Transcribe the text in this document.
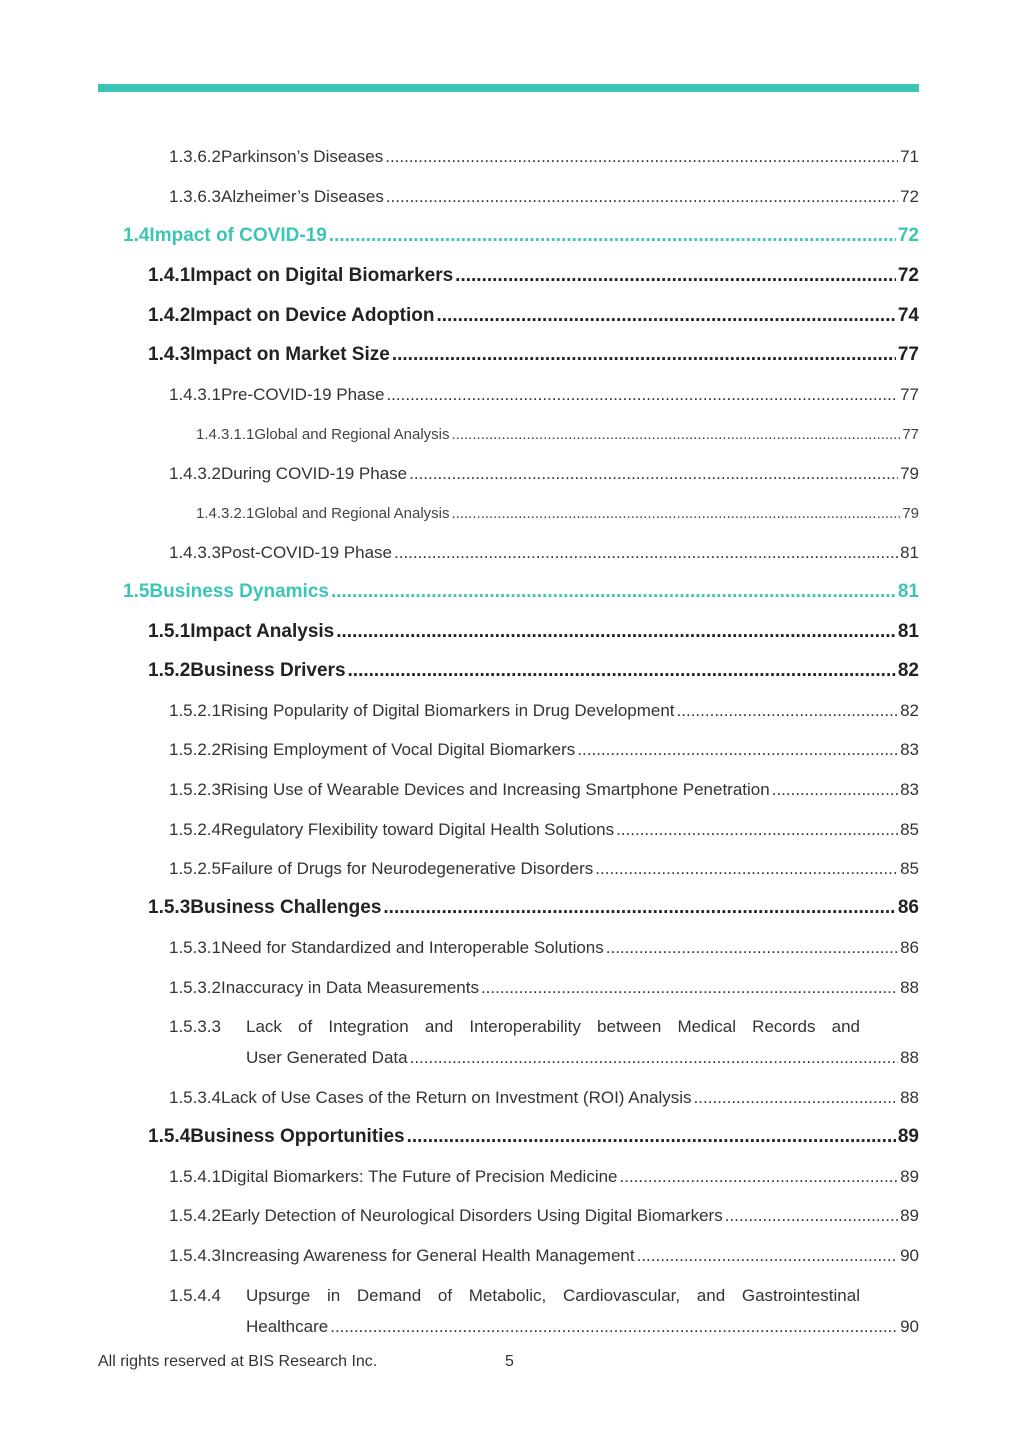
1.3.6.2 Parkinson’s Diseases .....	71
1.3.6.3 Alzheimer’s Diseases .....	72
1.4 Impact of COVID-19 .....	72
1.4.1 Impact on Digital Biomarkers .....	72
1.4.2 Impact on Device Adoption .....	74
1.4.3 Impact on Market Size .....	77
1.4.3.1 Pre-COVID-19 Phase .....	77
1.4.3.1.1 Global and Regional Analysis .....	77
1.4.3.2 During COVID-19 Phase .....	79
1.4.3.2.1 Global and Regional Analysis .....	79
1.4.3.3 Post-COVID-19 Phase .....	81
1.5 Business Dynamics .....	81
1.5.1 Impact Analysis .....	81
1.5.2 Business Drivers .....	82
1.5.2.1 Rising Popularity of Digital Biomarkers in Drug Development .....	82
1.5.2.2 Rising Employment of Vocal Digital Biomarkers .....	83
1.5.2.3 Rising Use of Wearable Devices and Increasing Smartphone Penetration .....	83
1.5.2.4 Regulatory Flexibility toward Digital Health Solutions .....	85
1.5.2.5 Failure of Drugs for Neurodegenerative Disorders .....	85
1.5.3 Business Challenges .....	86
1.5.3.1 Need for Standardized and Interoperable Solutions .....	86
1.5.3.2 Inaccuracy in Data Measurements .....	88
1.5.3.3 Lack of Integration and Interoperability between Medical Records and
User Generated Data .....	88
1.5.3.4 Lack of Use Cases of the Return on Investment (ROI) Analysis .....	88
1.5.4 Business Opportunities .....	89
1.5.4.1 Digital Biomarkers: The Future of Precision Medicine .....	89
1.5.4.2 Early Detection of Neurological Disorders Using Digital Biomarkers .....	89
1.5.4.3 Increasing Awareness for General Health Management .....	90
1.5.4.4 Upsurge in Demand of Metabolic, Cardiovascular, and Gastrointestinal
Healthcare .....	90
All rights reserved at BIS Research Inc.	5
